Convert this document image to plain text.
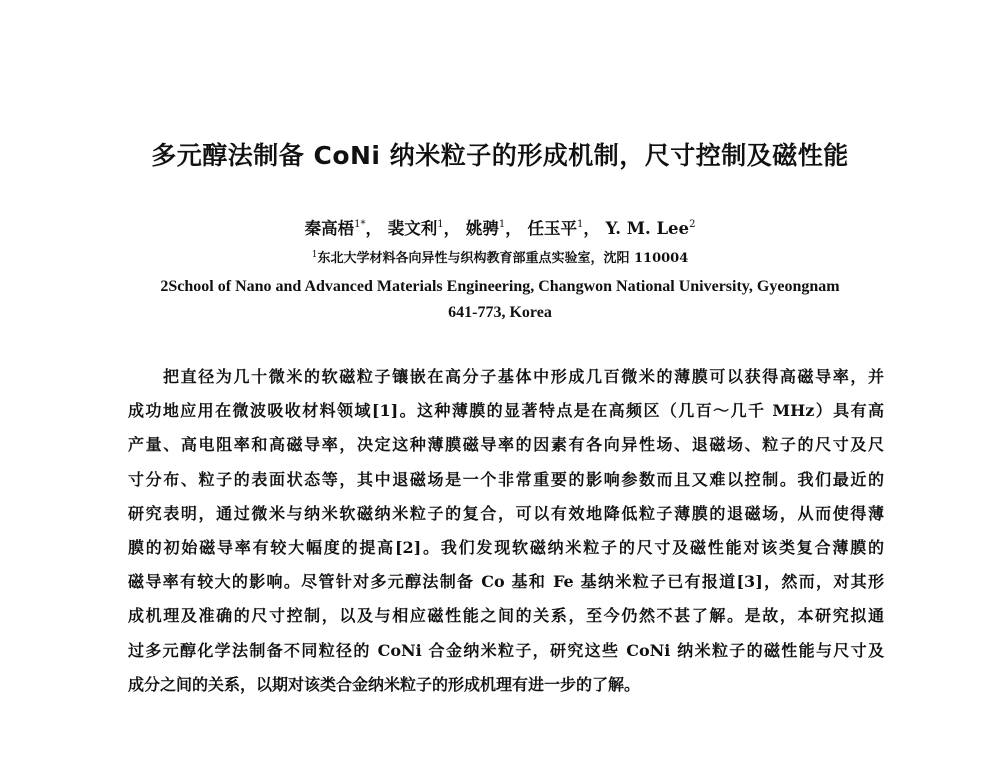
多元醇法制备 CoNi 纳米粒子的形成机制，尺寸控制及磁性能
秦高梧$^{1*}$， 裴文利$^1$， 姚骋$^1$， 任玉平$^1$， Y. M. Lee$^2$
$^1$东北大学材料各向异性与织构教育部重点实验室，沈阳 110004
2School of Nano and Advanced Materials Engineering, Changwon National University, Gyeongnam
641-773, Korea
把直径为几十微米的软磁粒子镶嵌在高分子基体中形成几百微米的薄膜可以获得高磁导率，并
成功地应用在微波吸收材料领域[1]。这种薄膜的显著特点是在高频区（几百～几千 MHz）具有高
产量、高电阻率和高磁导率，决定这种薄膜磁导率的因素有各向异性场、退磁场、粒子的尺寸及尺
寸分布、粒子的表面状态等，其中退磁场是一个非常重要的影响参数而且又难以控制。我们最近的
研究表明，通过微米与纳米软磁纳米粒子的复合，可以有效地降低粒子薄膜的退磁场，从而使得薄
膜的初始磁导率有较大幅度的提高[2]。我们发现软磁纳米粒子的尺寸及磁性能对该类复合薄膜的
磁导率有较大的影响。尽管针对多元醇法制备 Co 基和 Fe 基纳米粒子已有报道[3]，然而，对其形
成机理及准确的尺寸控制，以及与相应磁性能之间的关系，至今仍然不甚了解。是故，本研究拟通
过多元醇化学法制备不同粒径的 CoNi 合金纳米粒子，研究这些 CoNi 纳米粒子的磁性能与尺寸及
成分之间的关系，以期对该类合金纳米粒子的形成机理有进一步的了解。
